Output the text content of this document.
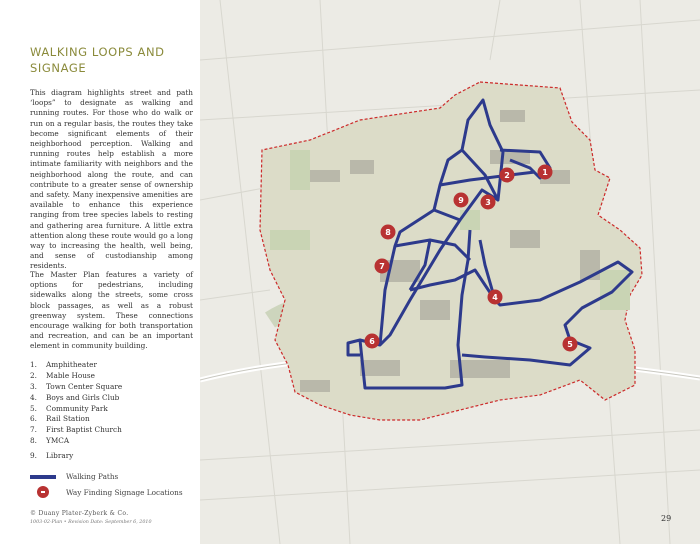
WALKING LOOPS AND
SIGNAGE
This diagram highlights street and path ‘loops” to designate as walking and running routes. For those who do walk or run on a regular basis, the routes they take become significant elements of their neighborhood perception. Walking and running routes help establish a more intimate familiarity with neighbors and the neighborhood along the route, and can contribute to a greater sense of ownership and safety. Many inexpensive amenities are available to enhance this experience ranging from tree species labels to resting and gathering area furniture. A little extra attention along these route would go a long way to increasing the health, well being, and sense of custodianship among residents.
The Master Plan features a variety of options for pedestrians, including sidewalks along the streets, some cross block passages, as well as a robust greenway system. These connections encourage walking for both transportation and recreation, and can be an important element in community building.
1.	Amphitheater
2.	Mable House
3.	Town Center Square
4.	Boys and Girls Club
5.	Community Park
6.	Rail Station
7.	First Baptist Church
8.	YMCA
9.	Library
Walking Paths
Way Finding Signage Locations
© Duany Plater-Zyberk & Co.
1003-02-Plan • Revision Date: September 6, 2010
1
2
3
4
5
6
7
8
9
29
